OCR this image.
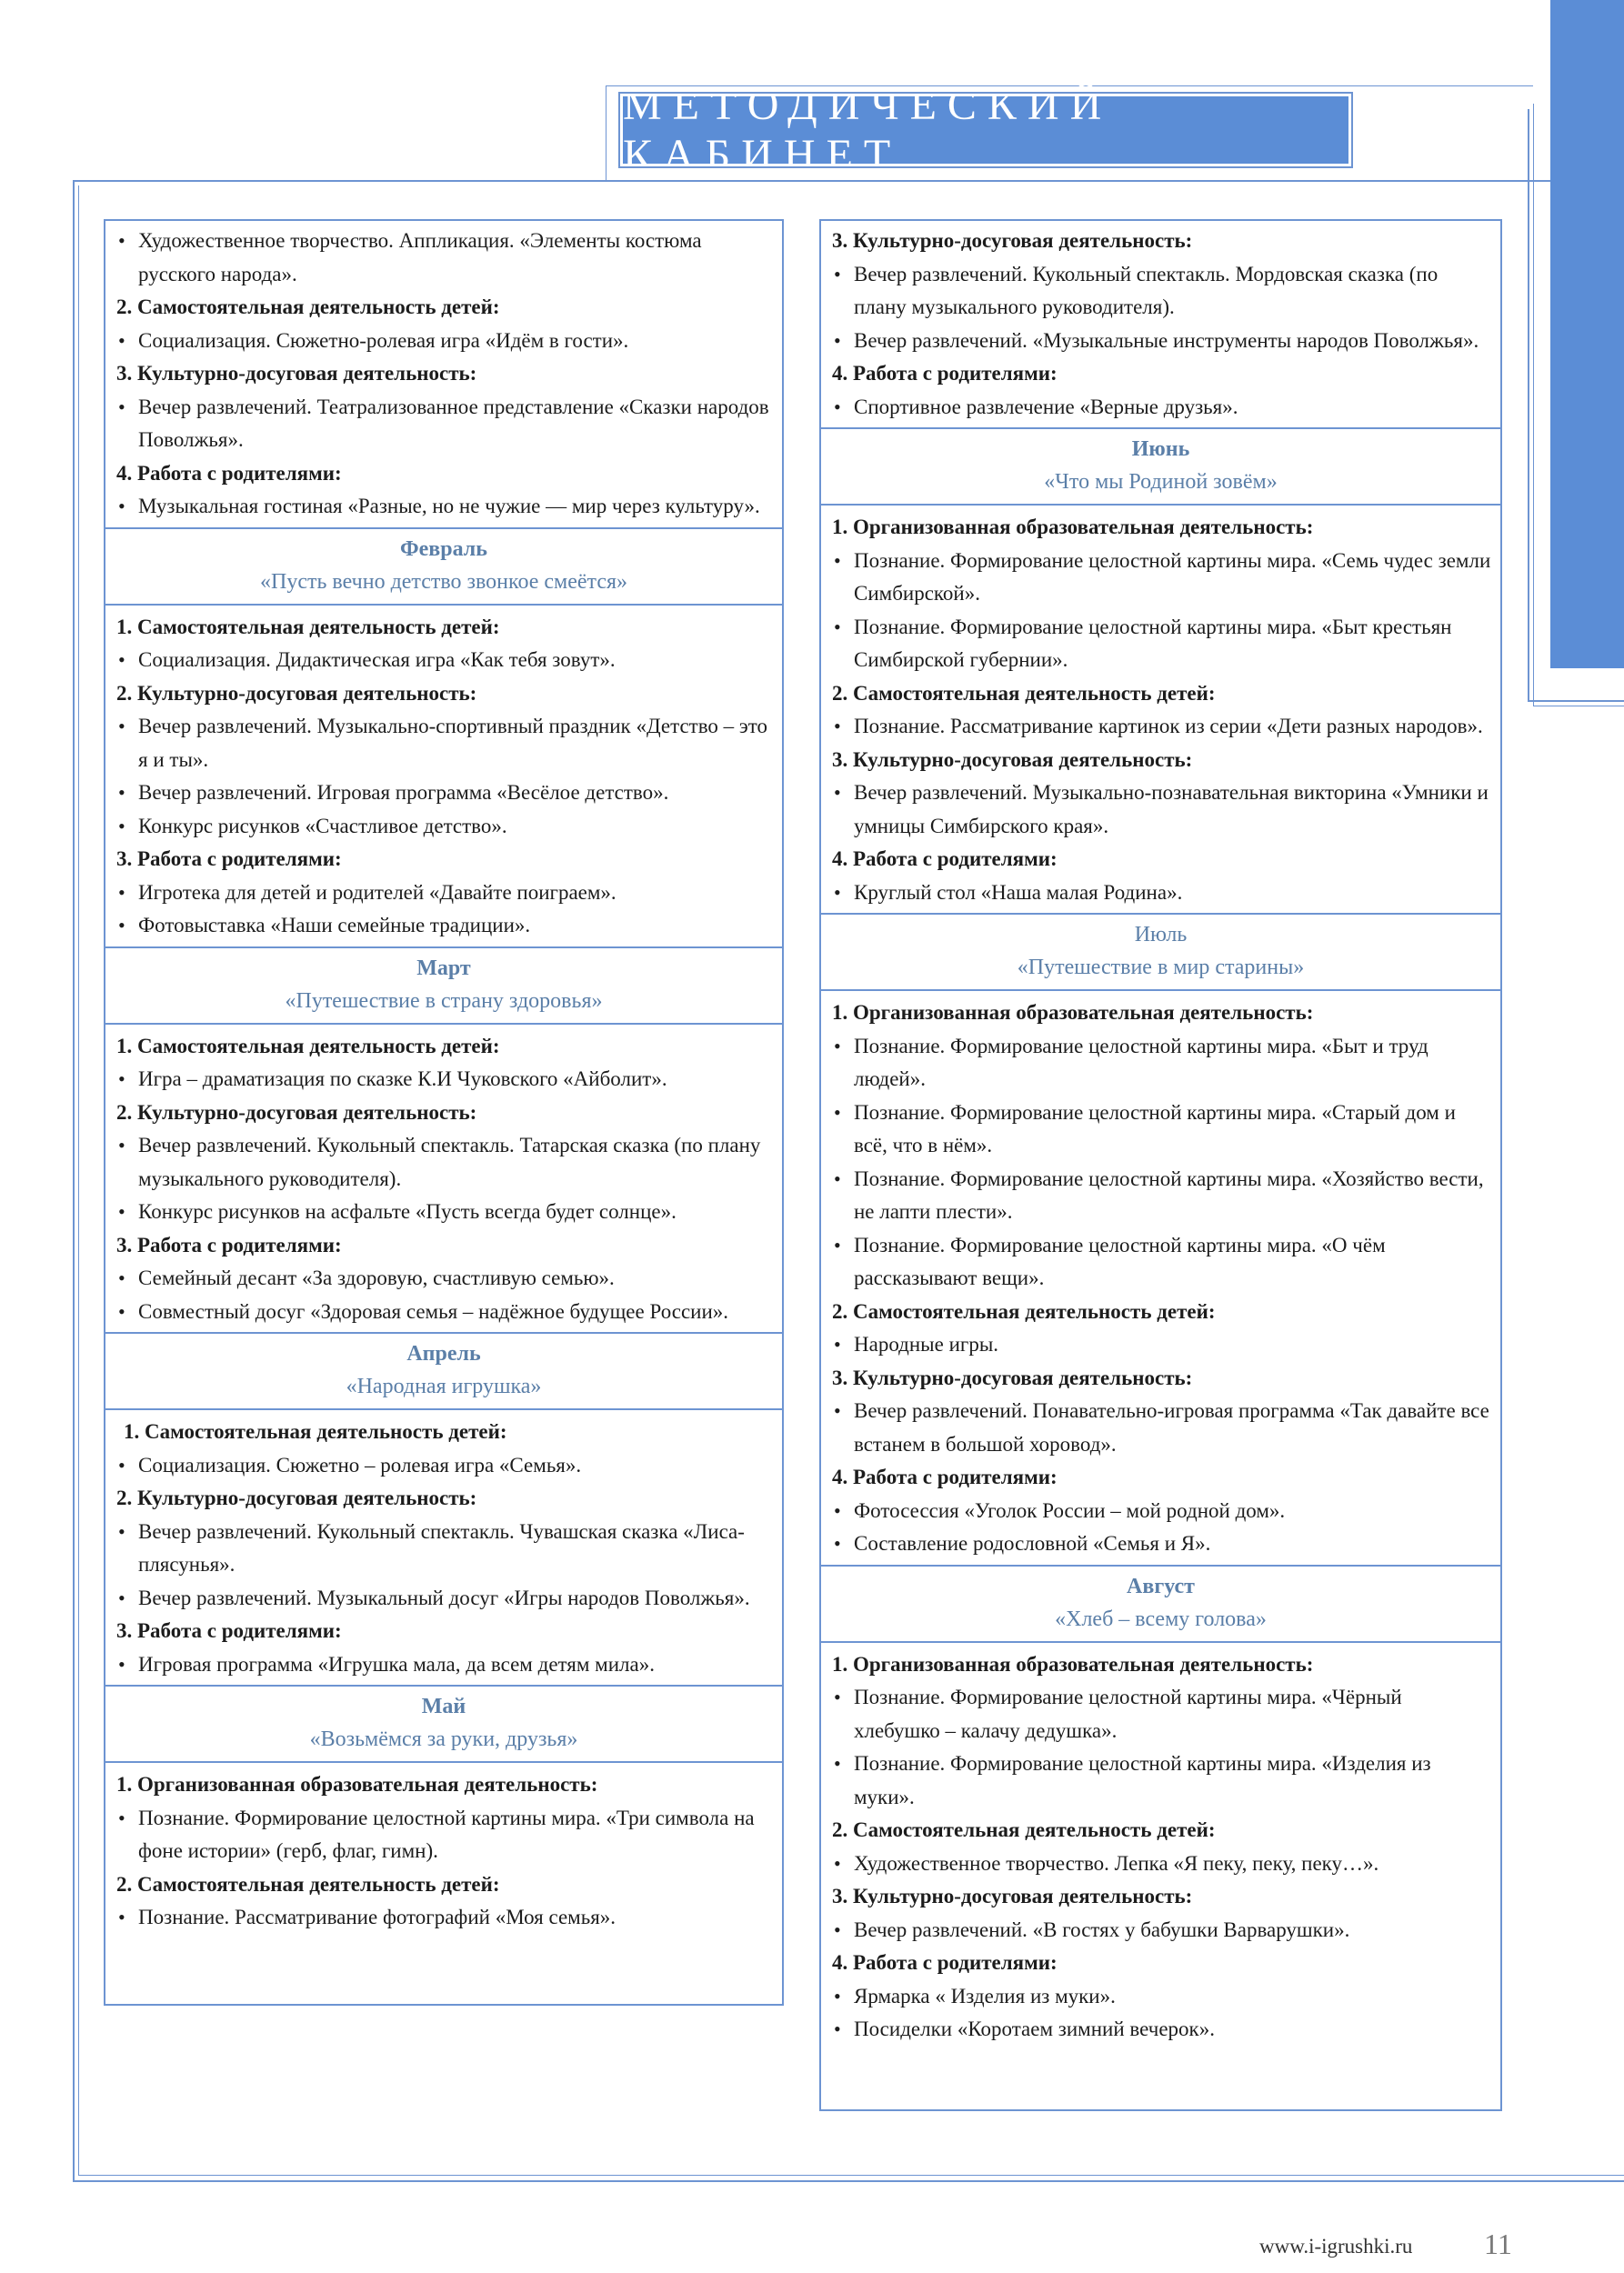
МЕТОДИЧЕСКИЙ КАБИНЕТ
• Художественное творчество. Аппликация. «Элементы костюма русского народа».
2. Самостоятельная деятельность детей:
• Социализация. Сюжетно-ролевая игра «Идём в гости».
3. Культурно-досуговая деятельность:
• Вечер развлечений. Театрализованное представление «Сказки народов Поволжья».
4. Работа с родителями:
• Музыкальная гостиная «Разные, но не чужие — мир через культуру».
Февраль
«Пусть вечно детство звонкое смеётся»
1. Самостоятельная деятельность детей:
• Социализация. Дидактическая игра «Как тебя зовут».
2. Культурно-досуговая деятельность:
• Вечер развлечений. Музыкально-спортивный праздник «Детство – это я и ты».
• Вечер развлечений. Игровая программа «Весёлое детство».
• Конкурс рисунков «Счастливое детство».
3. Работа с родителями:
• Игротека для детей и родителей «Давайте поиграем».
• Фотовыставка «Наши семейные традиции».
Март
«Путешествие в страну здоровья»
1. Самостоятельная деятельность детей:
• Игра – драматизация по сказке К.И Чуковского «Айболит».
2. Культурно-досуговая деятельность:
• Вечер развлечений. Кукольный спектакль. Татарская сказка (по плану музыкального руководителя).
• Конкурс рисунков на асфальте «Пусть всегда будет солнце».
3. Работа с родителями:
• Семейный десант «За здоровую, счастливую семью».
• Совместный досуг «Здоровая семья – надёжное будущее России».
Апрель
«Народная игрушка»
1. Самостоятельная деятельность детей:
• Социализация. Сюжетно – ролевая игра «Семья».
2. Культурно-досуговая деятельность:
• Вечер развлечений. Кукольный спектакль. Чувашская сказка «Лиса- плясунья».
• Вечер развлечений. Музыкальный досуг «Игры народов Поволжья».
3. Работа с родителями:
• Игровая программа «Игрушка мала, да всем детям мила».
Май
«Возьмёмся за руки, друзья»
1. Организованная образовательная деятельность:
• Познание. Формирование целостной картины мира. «Три символа на фоне истории» (герб, флаг, гимн).
2. Самостоятельная деятельность детей:
• Познание. Рассматривание фотографий «Моя семья».
3. Культурно-досуговая деятельность:
• Вечер развлечений. Кукольный спектакль. Мордовская сказка (по плану музыкального руководителя).
• Вечер развлечений. «Музыкальные инструменты народов Поволжья».
4. Работа с родителями:
• Спортивное развлечение «Верные друзья».
Июнь
«Что мы Родиной зовём»
1. Организованная образовательная деятельность:
• Познание. Формирование целостной картины мира. «Семь чудес земли Симбирской».
• Познание. Формирование целостной картины мира. «Быт крестьян Симбирской губернии».
2. Самостоятельная деятельность детей:
• Познание. Рассматривание картинок из серии «Дети разных народов».
3. Культурно-досуговая деятельность:
• Вечер развлечений. Музыкально-познавательная викторина «Умники и умницы Симбирского края».
4. Работа с родителями:
• Круглый стол «Наша малая Родина».
Июль
«Путешествие в мир старины»
1. Организованная образовательная деятельность:
• Познание. Формирование целостной картины мира. «Быт и труд людей».
• Познание. Формирование целостной картины мира. «Старый дом и всё, что в нём».
• Познание. Формирование целостной картины мира. «Хозяйство вести, не лапти плести».
• Познание. Формирование целостной картины мира. «О чём рассказывают вещи».
2. Самостоятельная деятельность детей:
• Народные игры.
3. Культурно-досуговая деятельность:
• Вечер развлечений. Понавательно-игровая программа «Так давайте все встанем в большой хоровод».
4. Работа с родителями:
• Фотосессия «Уголок России – мой родной дом».
• Составление родословной «Семья и Я».
Август
«Хлеб – всему голова»
1. Организованная образовательная деятельность:
• Познание. Формирование целостной картины мира. «Чёрный хлебушко – калачу дедушка».
• Познание. Формирование целостной картины мира. «Изделия из муки».
2. Самостоятельная деятельность детей:
• Художественное творчество. Лепка «Я пеку, пеку, пеку…».
3. Культурно-досуговая деятельность:
• Вечер развлечений. «В гостях у бабушки Варварушки».
4. Работа с родителями:
• Ярмарка « Изделия из муки».
• Посиделки «Коротаем зимний вечерок».
www.i-igrushki.ru 11
